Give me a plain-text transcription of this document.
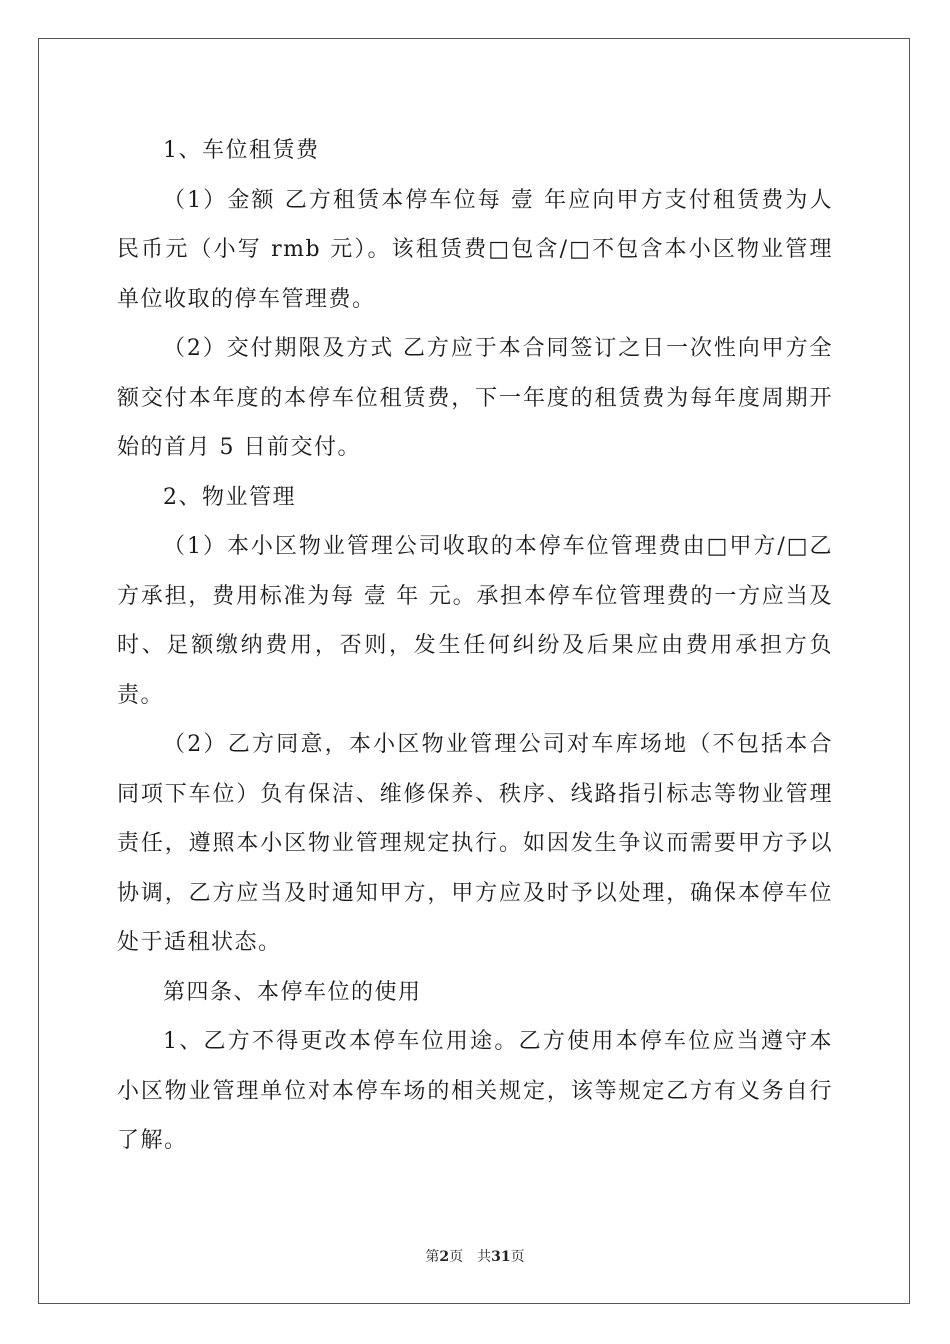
1、车位租赁费

（1）金额 乙方租赁本停车位每 壹 年应向甲方支付租赁费为人民币元（小写 rmb 元）。该租赁费□包含/□不包含本小区物业管理单位收取的停车管理费。

（2）交付期限及方式 乙方应于本合同签订之日一次性向甲方全额交付本年度的本停车位租赁费，下一年度的租赁费为每年度周期开始的首月 5 日前交付。

2、物业管理

（1）本小区物业管理公司收取的本停车位管理费由□甲方/□乙方承担，费用标准为每 壹 年 元。承担本停车位管理费的一方应当及时、足额缴纳费用，否则，发生任何纠纷及后果应由费用承担方负责。

（2）乙方同意，本小区物业管理公司对车库场地（不包括本合同项下车位）负有保洁、维修保养、秩序、线路指引标志等物业管理责任，遵照本小区物业管理规定执行。如因发生争议而需要甲方予以协调，乙方应当及时通知甲方，甲方应及时予以处理，确保本停车位处于适租状态。

第四条、本停车位的使用

1、乙方不得更改本停车位用途。乙方使用本停车位应当遵守本小区物业管理单位对本停车场的相关规定，该等规定乙方有义务自行了解。

第2页 共31页
